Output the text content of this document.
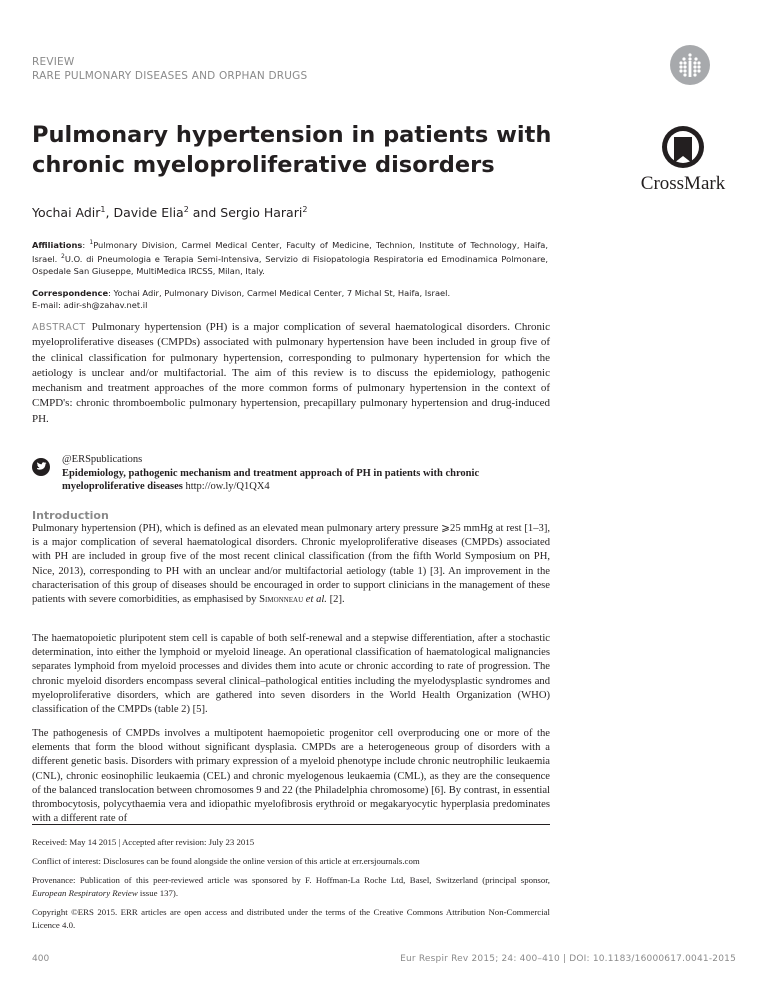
REVIEW
RARE PULMONARY DISEASES AND ORPHAN DRUGS
Pulmonary hypertension in patients with chronic myeloproliferative disorders
CrossMark
Yochai Adir$^1$, Davide Elia$^2$ and Sergio Harari$^2$
Affiliations: $^1$Pulmonary Division, Carmel Medical Center, Faculty of Medicine, Technion, Institute of Technology, Haifa, Israel. $^2$U.O. di Pneumologia e Terapia Semi-Intensiva, Servizio di Fisiopatologia Respiratoria ed Emodinamica Polmonare, Ospedale San Giuseppe, MultiMedica IRCSS, Milan, Italy.
Correspondence: Yochai Adir, Pulmonary Divison, Carmel Medical Center, 7 Michal St, Haifa, Israel.
E-mail: adir-sh@zahav.net.il
ABSTRACT Pulmonary hypertension (PH) is a major complication of several haematological disorders. Chronic myeloproliferative diseases (CMPDs) associated with pulmonary hypertension have been included in group five of the clinical classification for pulmonary hypertension, corresponding to pulmonary hypertension for which the aetiology is unclear and/or multifactorial. The aim of this review is to discuss the epidemiology, pathogenic mechanism and treatment approaches of the more common forms of pulmonary hypertension in the context of CMPD's: chronic thromboembolic pulmonary hypertension, precapillary pulmonary hypertension and drug-induced PH.
@ERSpublications
Epidemiology, pathogenic mechanism and treatment approach of PH in patients with chronic myeloproliferative diseases http://ow.ly/Q1QX4
Introduction

Pulmonary hypertension (PH), which is defined as an elevated mean pulmonary artery pressure ⩾25 mmHg at rest [1–3], is a major complication of several haematological disorders. Chronic myeloproliferative diseases (CMPDs) associated with PH are included in group five of the most recent clinical classification (from the fifth World Symposium on PH, Nice, 2013), corresponding to PH with an unclear and/or multifactorial aetiology (table 1) [3]. An improvement in the characterisation of this group of diseases should be encouraged in order to support clinicians in the management of these patients with severe comorbidities, as emphasised by Simonneau et al. [2].

The haematopoietic pluripotent stem cell is capable of both self-renewal and a stepwise differentiation, after a stochastic determination, into either the lymphoid or myeloid lineage. An operational classification of haematological malignancies separates lymphoid from myeloid processes and divides them into acute or chronic according to rate of progression. The chronic myeloid disorders encompass several clinical–pathological entities including the myelodysplastic syndromes and myeloproliferative disorders, which are gathered into seven disorders in the World Health Organization (WHO) classification of the CMPDs (table 2) [5].

The pathogenesis of CMPDs involves a multipotent haemopoietic progenitor cell overproducing one or more of the elements that form the blood without significant dysplasia. CMPDs are a heterogeneous group of disorders with a different genetic basis. Disorders with primary expression of a myeloid phenotype include chronic neutrophilic leukaemia (CNL), chronic eosinophilic leukaemia (CEL) and chronic myelogenous leukaemia (CML), as they are the consequence of the balanced translocation between chromosomes 9 and 22 (the Philadelphia chromosome) [6]. By contrast, in essential thrombocytosis, polycythaemia vera and idiopathic myelofibrosis erythroid or megakaryocytic hyperplasia predominates with a different rate of

Received: May 14 2015 | Accepted after revision: July 23 2015

Conflict of interest: Disclosures can be found alongside the online version of this article at err.ersjournals.com

Provenance: Publication of this peer-reviewed article was sponsored by F. Hoffman-La Roche Ltd, Basel, Switzerland (principal sponsor, European Respiratory Review issue 137).

Copyright ©ERS 2015. ERR articles are open access and distributed under the terms of the Creative Commons Attribution Non-Commercial Licence 4.0.

400	Eur Respir Rev 2015; 24: 400–410 | DOI: 10.1183/16000617.0041-2015
